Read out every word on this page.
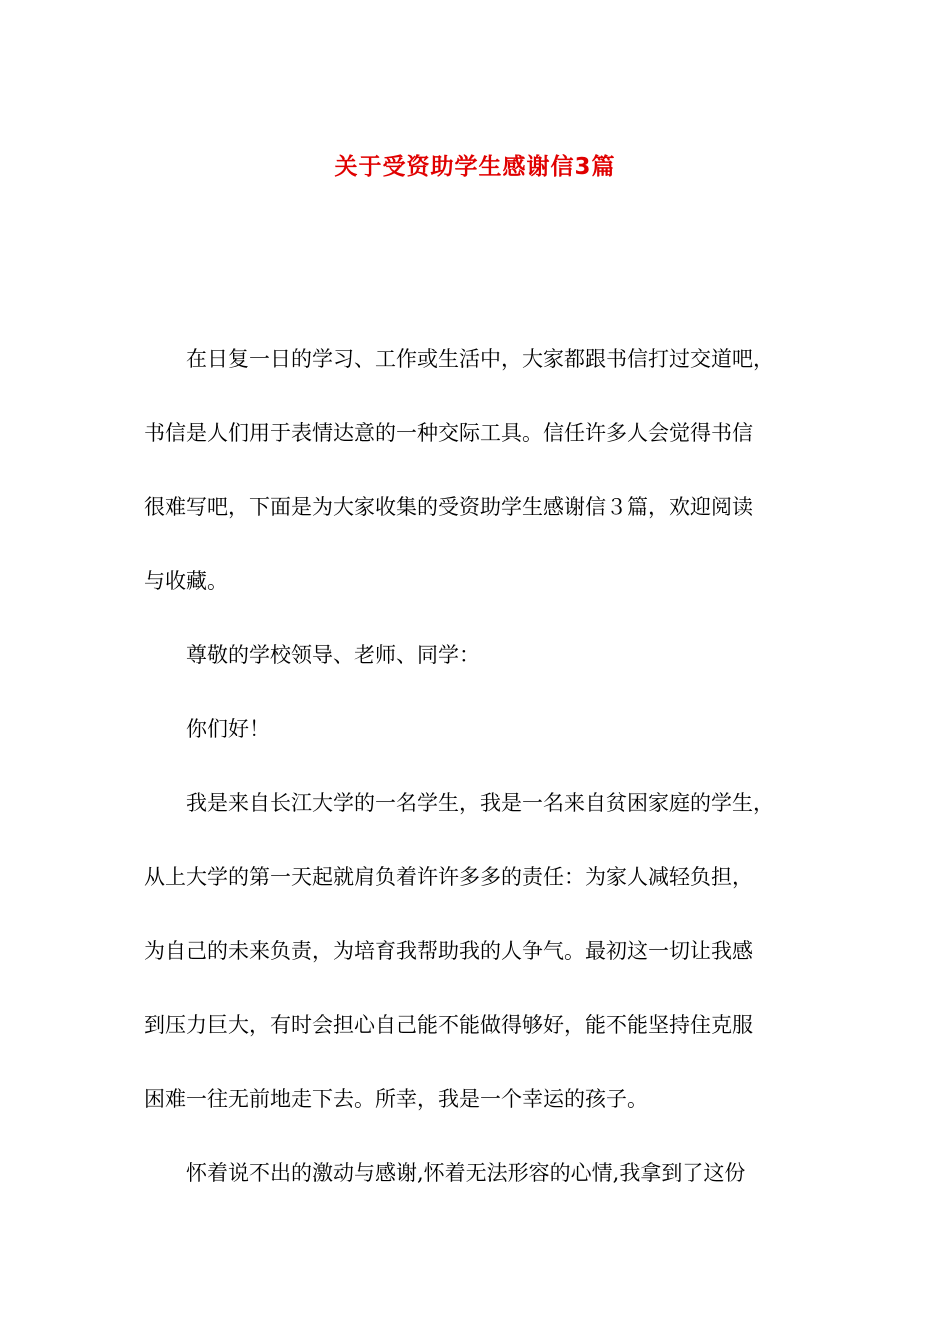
关于受资助学生感谢信3篇

在日复一日的学习、工作或生活中，大家都跟书信打过交道吧，
书信是人们用于表情达意的一种交际工具。信任许多人会觉得书信
很难写吧，下面是为大家收集的受资助学生感谢信３篇，欢迎阅读
与收藏。

尊敬的学校领导、老师、同学：

你们好！

我是来自长江大学的一名学生，我是一名来自贫困家庭的学生，
从上大学的第一天起就肩负着许许多多的责任：为家人减轻负担，
为自己的未来负责，为培育我帮助我的人争气。最初这一切让我感
到压力巨大，有时会担心自己能不能做得够好，能不能坚持住克服
困难一往无前地走下去。所幸，我是一个幸运的孩子。

怀着说不出的激动与感谢,怀着无法形容的心情,我拿到了这份
